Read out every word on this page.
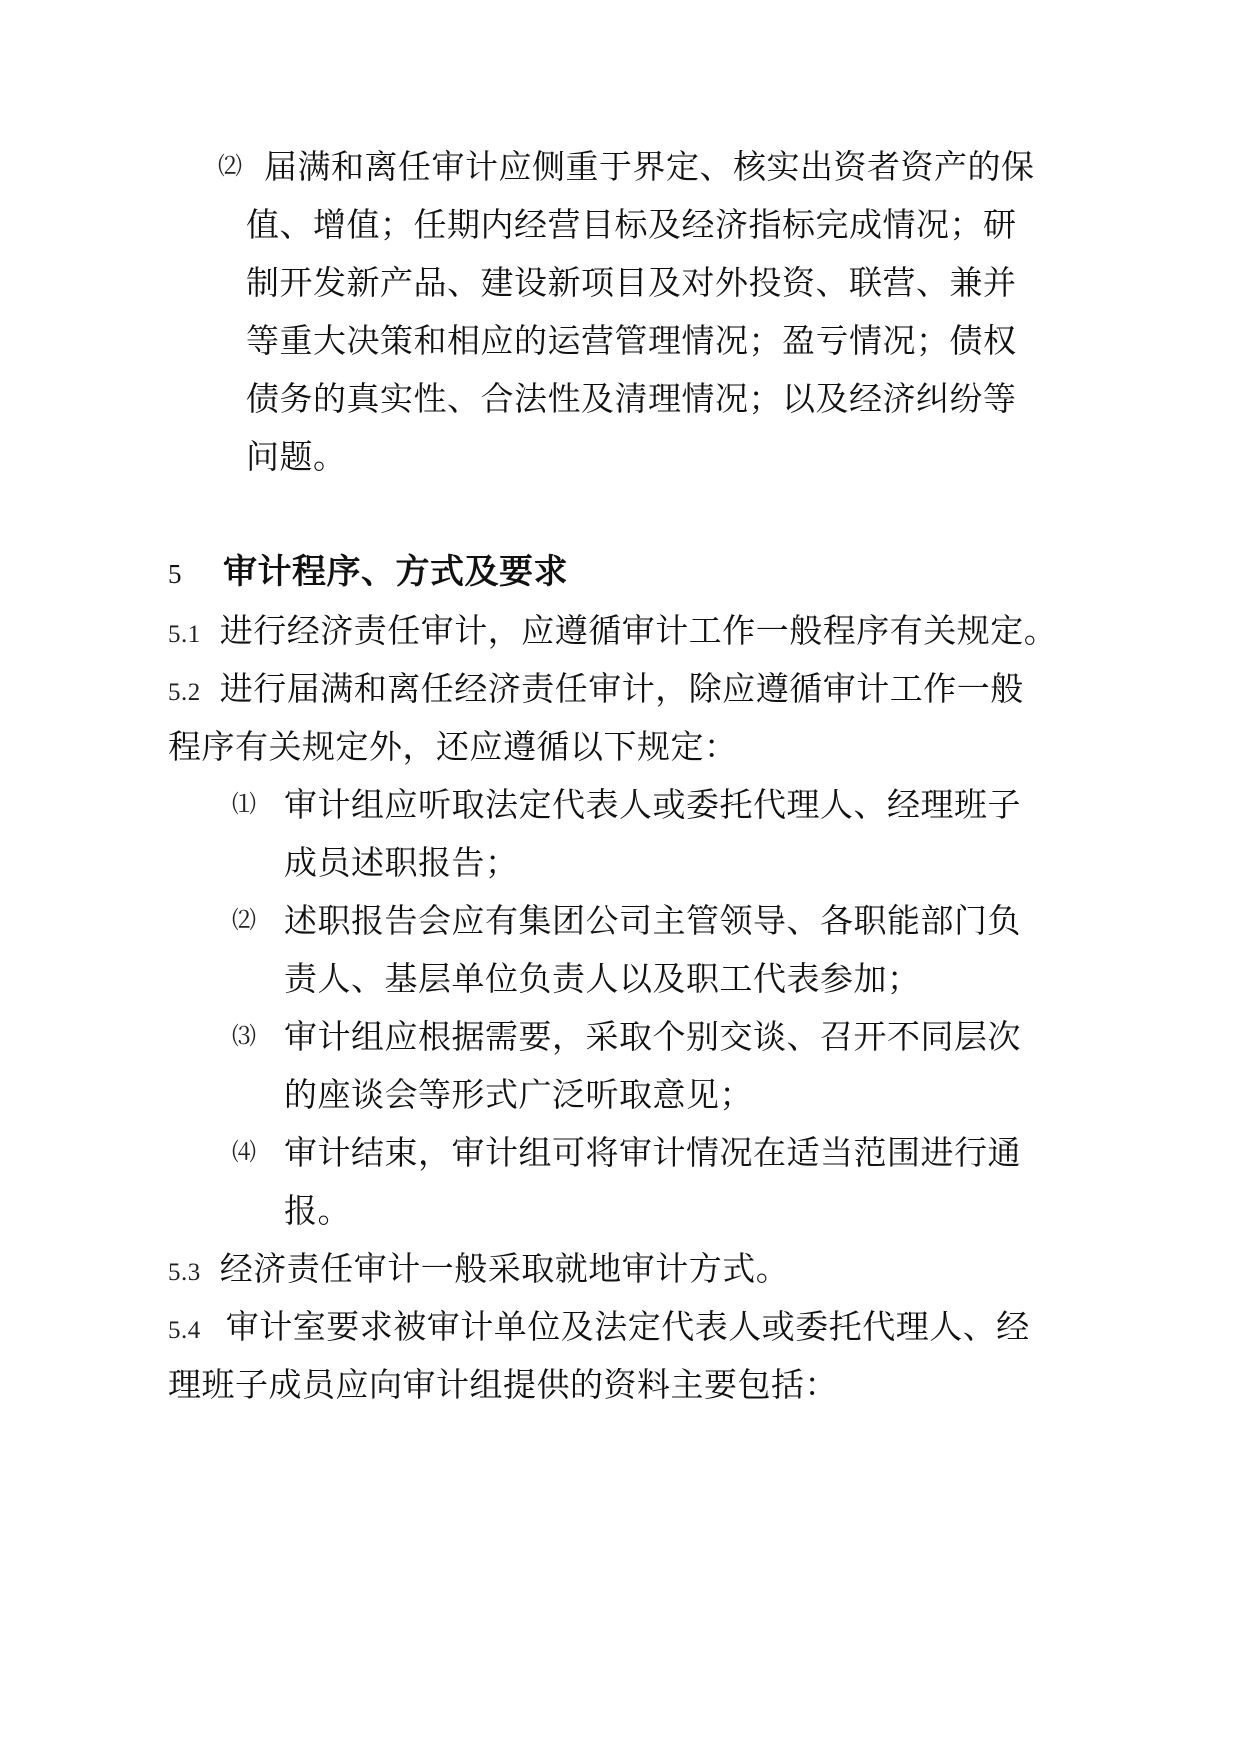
⑵ 届满和离任审计应侧重于界定、核实出资者资产的保
值、增值；任期内经营目标及经济指标完成情况；研
制开发新产品、建设新项目及对外投资、联营、兼并
等重大决策和相应的运营管理情况；盈亏情况；债权
债务的真实性、合法性及清理情况；以及经济纠纷等
问题。
5 审计程序、方式及要求
5.1 进行经济责任审计，应遵循审计工作一般程序有关规定。
5.2 进行届满和离任经济责任审计，除应遵循审计工作一般
程序有关规定外，还应遵循以下规定：
⑴ 审计组应听取法定代表人或委托代理人、经理班子
成员述职报告；
⑵ 述职报告会应有集团公司主管领导、各职能部门负
责人、基层单位负责人以及职工代表参加；
⑶ 审计组应根据需要，采取个别交谈、召开不同层次
的座谈会等形式广泛听取意见；
⑷ 审计结束，审计组可将审计情况在适当范围进行通
报。
5.3 经济责任审计一般采取就地审计方式。
5.4 审计室要求被审计单位及法定代表人或委托代理人、经
理班子成员应向审计组提供的资料主要包括：
